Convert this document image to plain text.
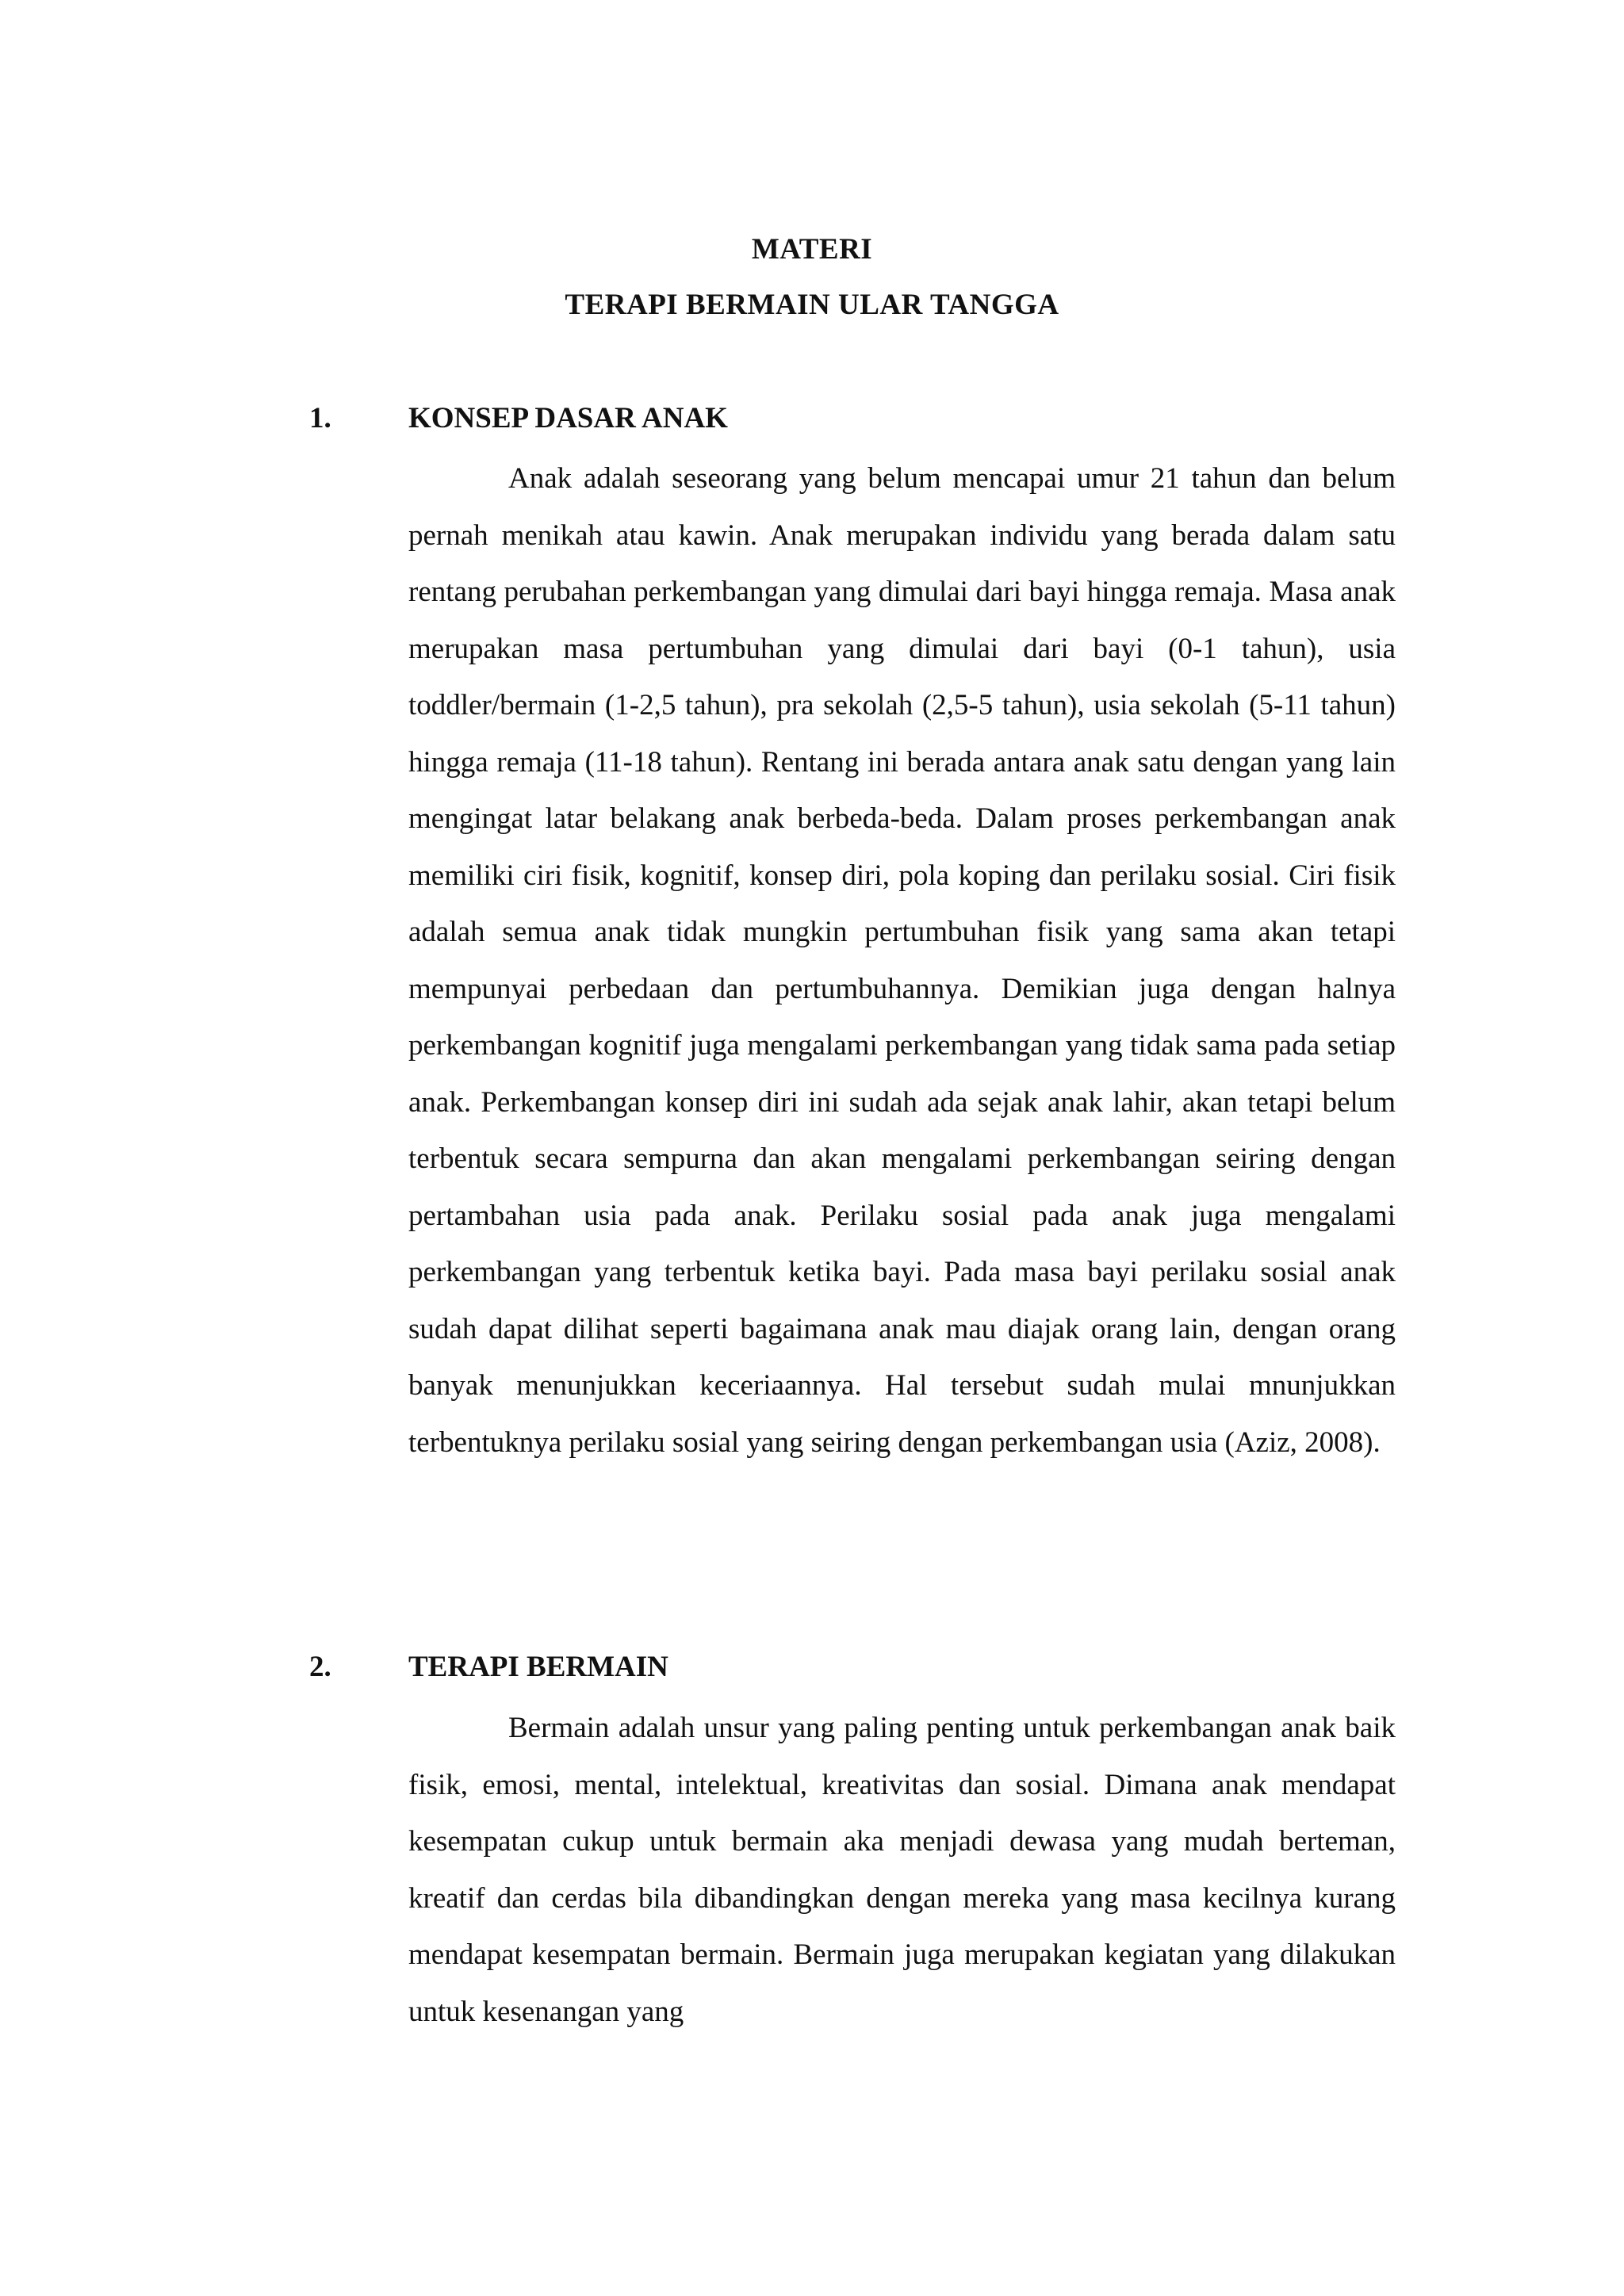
MATERI
TERAPI BERMAIN ULAR TANGGA
1.	KONSEP DASAR ANAK

Anak adalah seseorang yang belum mencapai umur 21 tahun dan belum pernah menikah atau kawin. Anak merupakan individu yang berada dalam satu rentang perubahan perkembangan yang dimulai dari bayi hingga remaja. Masa anak merupakan masa pertumbuhan yang dimulai dari bayi (0-1 tahun), usia toddler/bermain (1-2,5 tahun), pra sekolah (2,5-5 tahun), usia sekolah (5-11 tahun) hingga remaja (11-18 tahun). Rentang ini berada antara anak satu dengan yang lain mengingat latar belakang anak berbeda-beda. Dalam proses perkembangan anak memiliki ciri fisik, kognitif, konsep diri, pola koping dan perilaku sosial. Ciri fisik adalah semua anak tidak mungkin pertumbuhan fisik yang sama akan tetapi mempunyai perbedaan dan pertumbuhannya. Demikian juga dengan halnya perkembangan kognitif juga mengalami perkembangan yang tidak sama pada setiap anak. Perkembangan konsep diri ini sudah ada sejak anak lahir, akan tetapi belum terbentuk secara sempurna dan akan mengalami perkembangan seiring dengan pertambahan usia pada anak. Perilaku sosial pada anak juga mengalami perkembangan yang terbentuk ketika bayi. Pada masa bayi perilaku sosial anak sudah dapat dilihat seperti bagaimana anak mau diajak orang lain, dengan orang banyak menunjukkan keceriaannya. Hal tersebut sudah mulai mnunjukkan terbentuknya perilaku sosial yang seiring dengan perkembangan usia (Aziz, 2008).

2.	TERAPI BERMAIN

Bermain adalah unsur yang paling penting untuk perkembangan anak baik fisik, emosi, mental, intelektual, kreativitas dan sosial. Dimana anak mendapat kesempatan cukup untuk bermain aka menjadi dewasa yang mudah berteman, kreatif dan cerdas bila dibandingkan dengan mereka yang masa kecilnya kurang mendapat kesempatan bermain. Bermain juga merupakan kegiatan yang dilakukan untuk kesenangan yang
